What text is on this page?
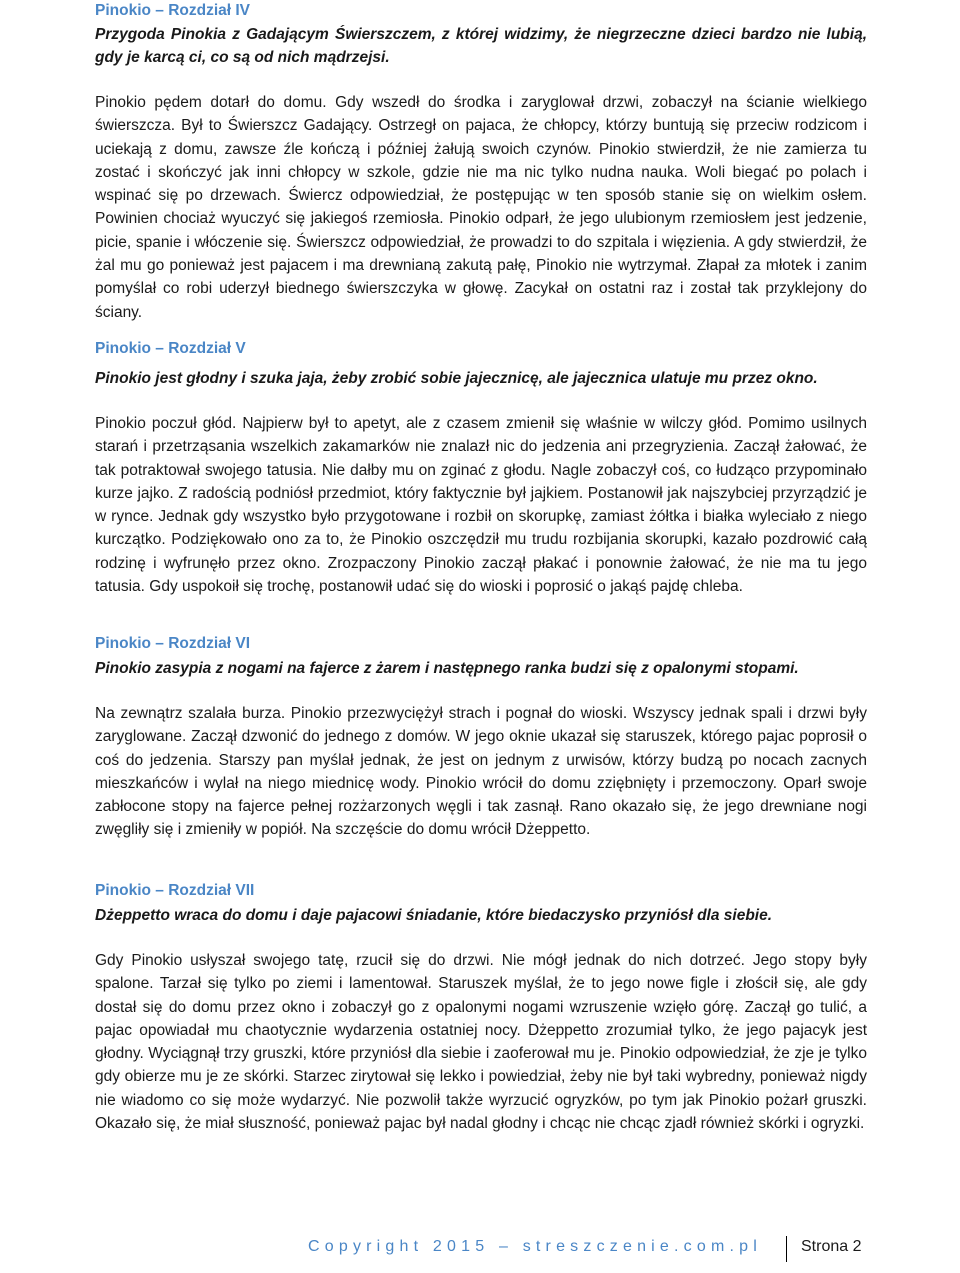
Pinokio – Rozdział IV

Przygoda Pinokia z Gadającym Świerszczem, z której widzimy, że niegrzeczne dzieci bardzo nie lubią, gdy je karcą ci, co są od nich mądrzejsi.

Pinokio pędem dotarł do domu. Gdy wszedł do środka i zaryglował drzwi, zobaczył na ścianie wielkiego świerszcza. Był to Świerszcz Gadający. Ostrzegł on pajaca, że chłopcy, którzy buntują się przeciw rodzicom i uciekają z domu, zawsze źle kończą i później żałują swoich czynów. Pinokio stwierdził, że nie zamierza tu zostać i skończyć jak inni chłopcy w szkole, gdzie nie ma nic tylko nudna nauka. Woli biegać po polach i wspinać się po drzewach. Świercz odpowiedział, że postępując w ten sposób stanie się on wielkim osłem. Powinien chociaż wyuczyć się jakiegoś rzemiosła. Pinokio odparł, że jego ulubionym rzemiosłem jest jedzenie, picie, spanie i włóczenie się. Świerszcz odpowiedział, że prowadzi to do szpitala i więzienia. A gdy stwierdził, że żal mu go ponieważ jest pajacem i ma drewnianą zakutą pałę, Pinokio nie wytrzymał. Złapał za młotek i zanim pomyślał co robi uderzył biednego świerszczyka w głowę. Zacykał on ostatni raz i został tak przyklejony do ściany.

Pinokio – Rozdział V

Pinokio jest głodny i szuka jaja, żeby zrobić sobie jajecznicę, ale jajecznica ulatuje mu przez okno.

Pinokio poczuł głód. Najpierw był to apetyt, ale z czasem zmienił się właśnie w wilczy głód. Pomimo usilnych starań i przetrząsania wszelkich zakamarków nie znalazł nic do jedzenia ani przegryzienia. Zaczął żałować, że tak potraktował swojego tatusia. Nie dałby mu on zginać z głodu. Nagle zobaczył coś, co łudząco przypominało kurze jajko. Z radością podniósł przedmiot, który faktycznie był jajkiem. Postanowił jak najszybciej przyrządzić je w rynce. Jednak gdy wszystko było przygotowane i rozbił on skorupkę, zamiast żółtka i białka wyleciało z niego kurczątko. Podziękowało ono za to, że Pinokio oszczędził mu trudu rozbijania skorupki, kazało pozdrowić całą rodzinę i wyfrunęło przez okno. Zrozpaczony Pinokio zaczął płakać i ponownie żałować, że nie ma tu jego tatusia. Gdy uspokoił się trochę, postanowił udać się do wioski i poprosić o jakąś pajdę chleba.

Pinokio – Rozdział VI

Pinokio zasypia z nogami na fajerce z żarem i następnego ranka budzi się z opalonymi stopami.

Na zewnątrz szalała burza. Pinokio przezwyciężył strach i pognał do wioski. Wszyscy jednak spali i drzwi były zaryglowane. Zaczął dzwonić do jednego z domów. W jego oknie ukazał się staruszek, którego pajac poprosił o coś do jedzenia. Starszy pan myślał jednak, że jest on jednym z urwisów, którzy budzą po nocach zacnych mieszkańców i wylał na niego miednicę wody. Pinokio wrócił do domu zziębnięty i przemoczony. Oparł swoje zabłocone stopy na fajerce pełnej rozżarzonych węgli i tak zasnął. Rano okazało się, że jego drewniane nogi zwęgliły się i zmieniły w popiół. Na szczęście do domu wrócił Dżeppetto.

Pinokio – Rozdział VII

Dżeppetto wraca do domu i daje pajacowi śniadanie, które biedaczysko przyniósł dla siebie.

Gdy Pinokio usłyszał swojego tatę, rzucił się do drzwi. Nie mógł jednak do nich dotrzeć. Jego stopy były spalone. Tarzał się tylko po ziemi i lamentował. Staruszek myślał, że to jego nowe figle i złościł się, ale gdy dostał się do domu przez okno i zobaczył go z opalonymi nogami wzruszenie wzięło górę. Zaczął go tulić, a pajac opowiadał mu chaotycznie wydarzenia ostatniej nocy. Dżeppetto zrozumiał tylko, że jego pajacyk jest głodny. Wyciągnął trzy gruszki, które przyniósł dla siebie i zaoferował mu je. Pinokio odpowiedział, że zje je tylko gdy obierze mu je ze skórki. Starzec zirytował się lekko i powiedział, żeby nie był taki wybredny, ponieważ nigdy nie wiadomo co się może wydarzyć. Nie pozwolił także wyrzucić ogryzków, po tym jak Pinokio pożarł gruszki. Okazało się, że miał słuszność, ponieważ pajac był nadal głodny i chcąc nie chcąc zjadł również skórki i ogryzki.

Copyright 2015 – streszczenie.com.pl Strona 2
